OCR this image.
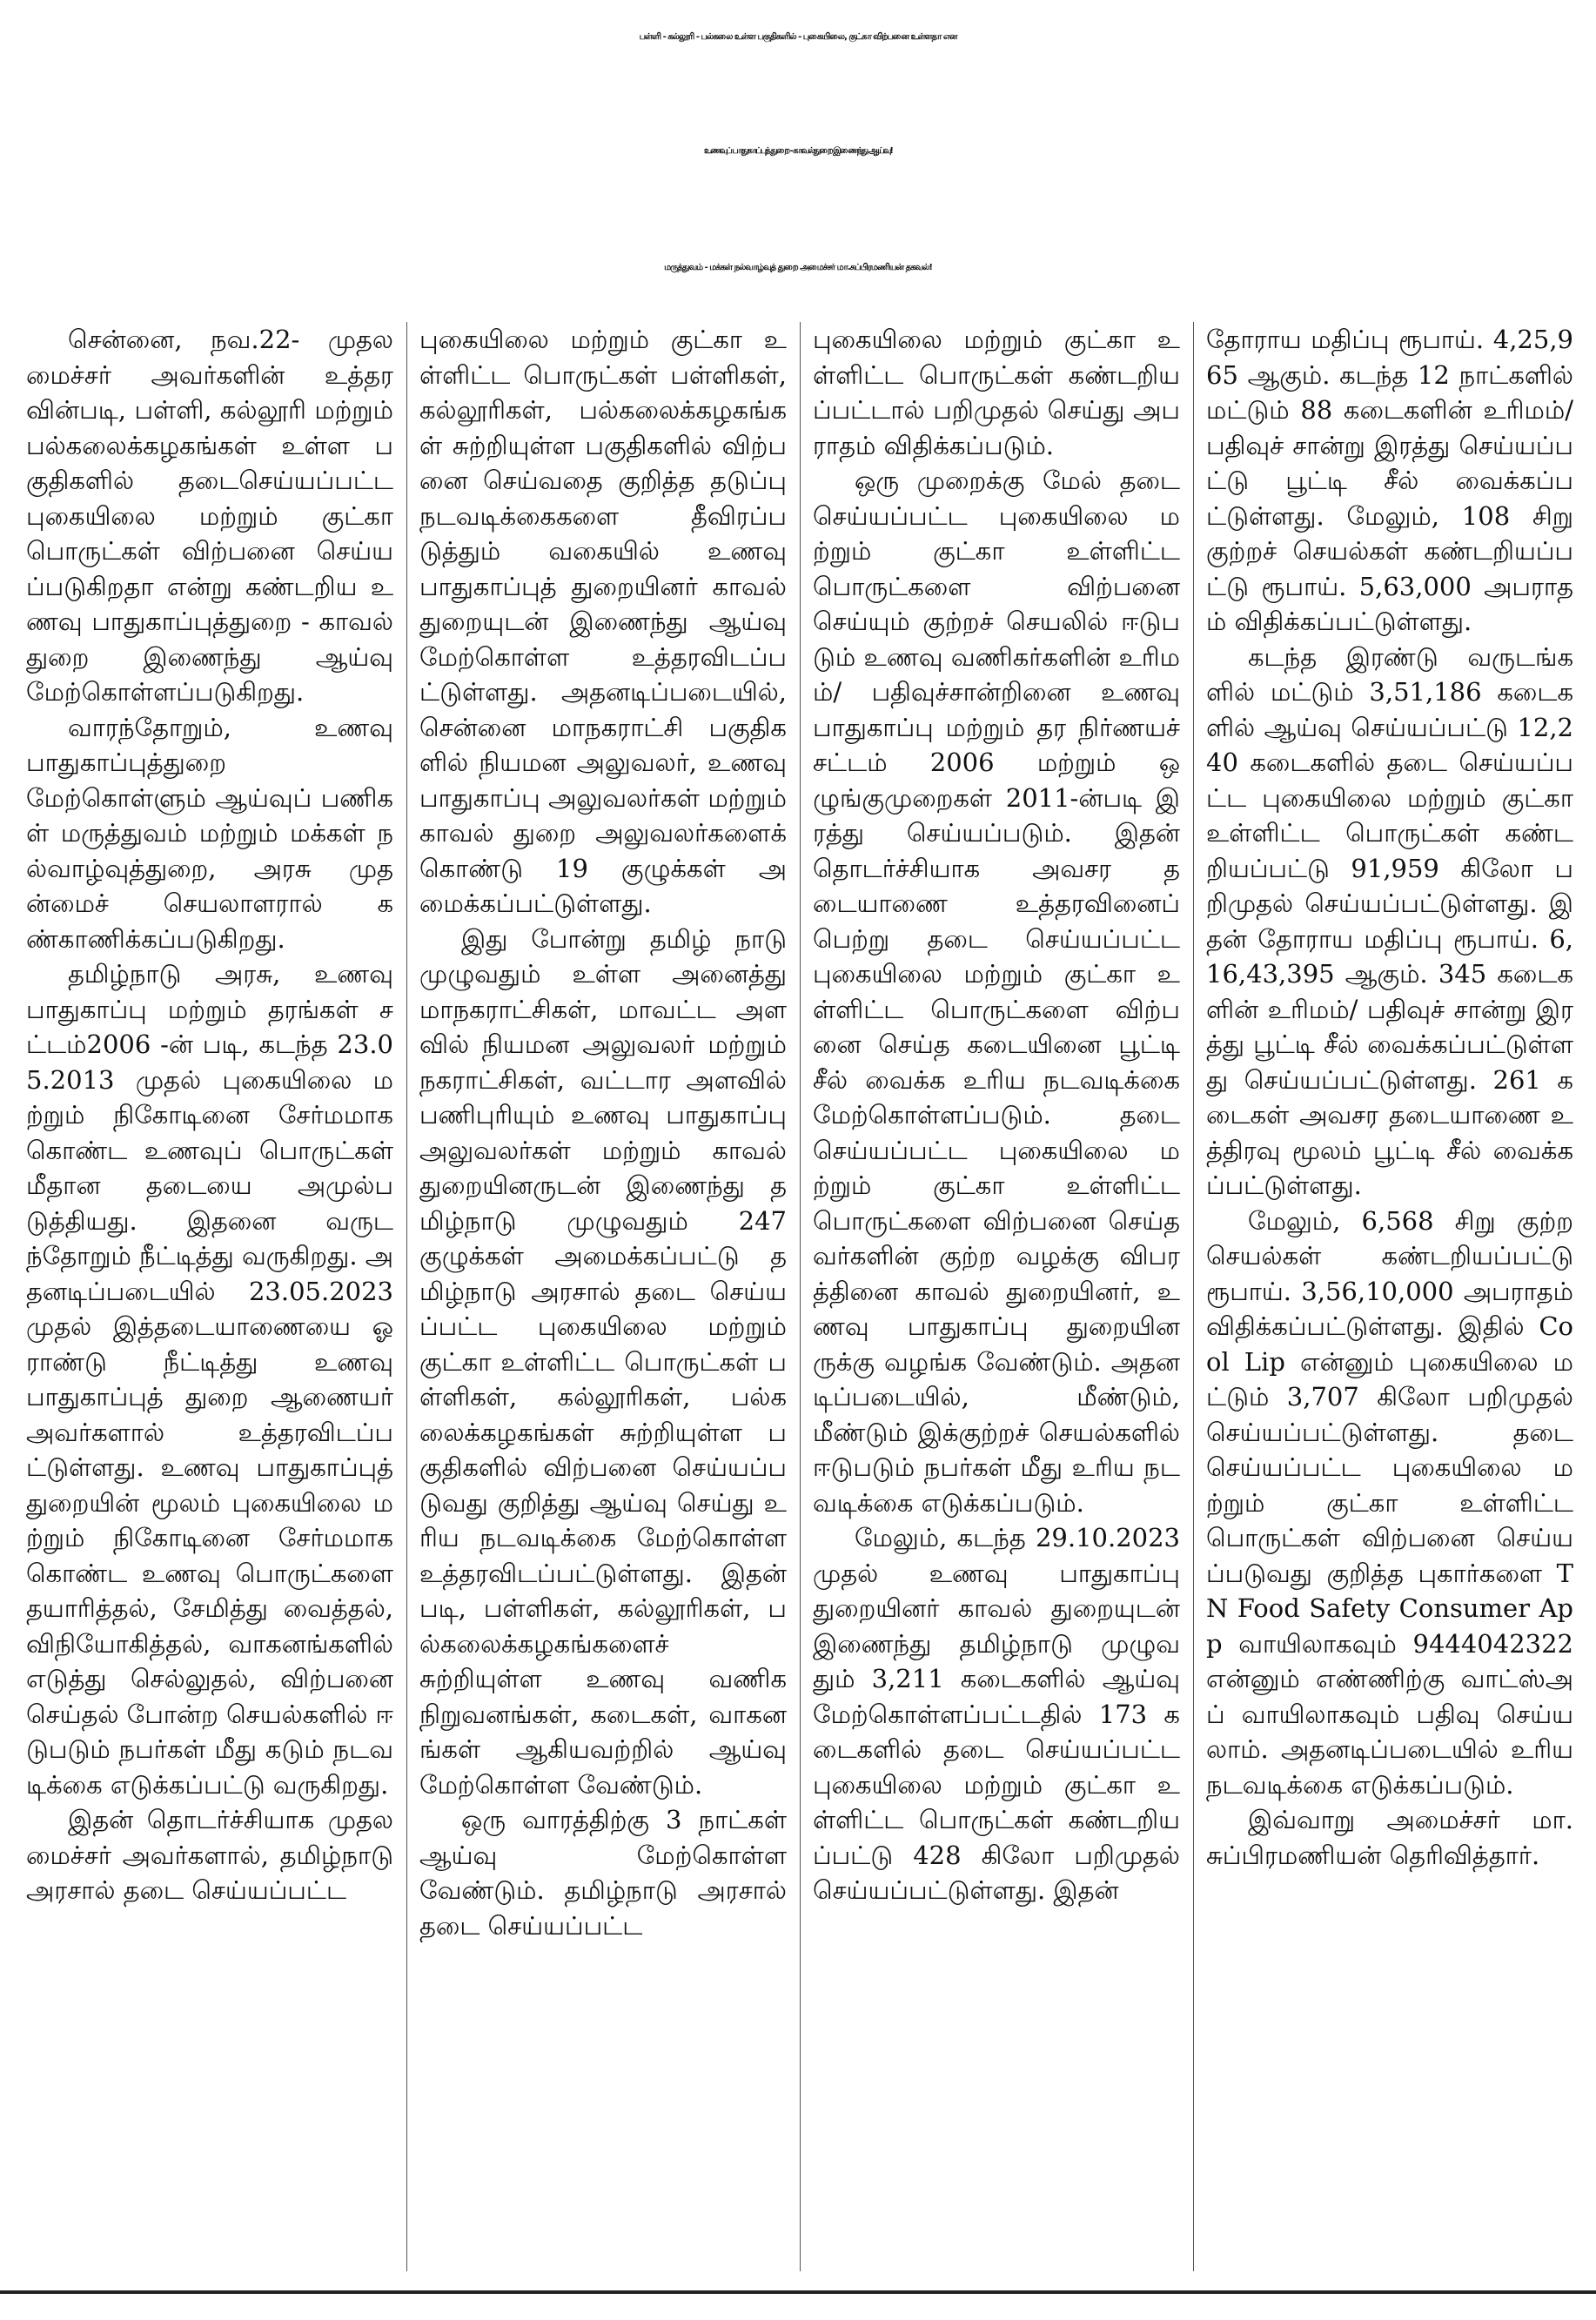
பள்ளி - கல்லூரி - பல்கலை உள்ள பகுதிகளில் - புகையிலை, குட்கா விற்பனை உள்ளதா என
உணவுப் பாதுகாப்புத் துறை - காவல்துறை இணைந்து ஆய்வு!
மருத்துவம் - மக்கள் நல்வாழ்வுத் துறை அமைச்சர் மா.சுப்பிரமணியன் தகவல்!

சென்னை, நவ.22- முதலமைச்சர் அவர்களின் உத்தரவின்படி, பள்ளி, கல்லூரி மற்றும் பல்கலைக்கழகங்கள் உள்ள பகுதிகளில் தடைசெய்யப்பட்ட புகையிலை மற்றும் குட்கா பொருட்கள் விற்பனை செய்யப்படுகிறதா என்று கண்டறிய உணவு பாதுகாப்புத்துறை - காவல் துறை இணைந்து ஆய்வு மேற்கொள்ளப்படுகிறது.

வாரந்தோறும், உணவு பாதுகாப்புத்துறை மேற்கொள்ளும் ஆய்வுப் பணிகள் மருத்துவம் மற்றும் மக்கள் நல்வாழ்வுத்துறை, அரசு முதன்மைச் செயலாளரால் கண்காணிக்கப்படுகிறது.

தமிழ்நாடு அரசு, உணவு பாதுகாப்பு மற்றும் தரங்கள் சட்டம்2006 -ன் படி, கடந்த 23.05.2013 முதல் புகையிலை மற்றும் நிகோடினை சேர்மமாக கொண்ட உணவுப் பொருட்கள் மீதான தடையை அமுல்படுத்தியது. இதனை வருடந்தோறும் நீட்டித்து வருகிறது. அதனடிப்படையில் 23.05.2023 முதல் இத்தடையாணையை ஓராண்டு நீட்டித்து உணவு பாதுகாப்புத் துறை ஆணையர் அவர்களால் உத்தரவிடப்பட்டுள்ளது. உணவு பாதுகாப்புத் துறையின் மூலம் புகையிலை மற்றும் நிகோடினை சேர்மமாக கொண்ட உணவு பொருட்களை தயாரித்தல், சேமித்து வைத்தல், விநியோகித்தல், வாகனங்களில் எடுத்து செல்லுதல், விற்பனை செய்தல் போன்ற செயல்களில் ஈடுபடும் நபர்கள் மீது கடும் நடவடிக்கை எடுக்கப்பட்டு வருகிறது.

இதன் தொடர்ச்சியாக முதலமைச்சர் அவர்களால், தமிழ்நாடு அரசால் தடை செய்யப்பட்ட

புகையிலை மற்றும் குட்கா உள்ளிட்ட பொருட்கள் பள்ளிகள், கல்லூரிகள், பல்கலைக்கழகங்கள் சுற்றியுள்ள பகுதிகளில் விற்பனை செய்வதை குறித்த தடுப்பு நடவடிக்கைகளை தீவிரப்படுத்தும் வகையில் உணவு பாதுகாப்புத் துறையினர் காவல் துறையுடன் இணைந்து ஆய்வு மேற்கொள்ள உத்தரவிடப்பட்டுள்ளது. அதனடிப்படையில், சென்னை மாநகராட்சி பகுதிகளில் நியமன அலுவலர், உணவு பாதுகாப்பு அலுவலர்கள் மற்றும் காவல் துறை அலுவலர்களைக் கொண்டு 19 குழுக்கள் அமைக்கப்பட்டுள்ளது.

இது போன்று தமிழ் நாடு முழுவதும் உள்ள அனைத்து மாநகராட்சிகள், மாவட்ட அளவில் நியமன அலுவலர் மற்றும் நகராட்சிகள், வட்டார அளவில் பணிபுரியும் உணவு பாதுகாப்பு அலுவலர்கள் மற்றும் காவல் துறையினருடன் இணைந்து தமிழ்நாடு முழுவதும் 247 குழுக்கள் அமைக்கப்பட்டு தமிழ்நாடு அரசால் தடை செய்யப்பட்ட புகையிலை மற்றும் குட்கா உள்ளிட்ட பொருட்கள் பள்ளிகள், கல்லூரிகள், பல்கலைக்கழகங்கள் சுற்றியுள்ள பகுதிகளில் விற்பனை செய்யப்படுவது குறித்து ஆய்வு செய்து உரிய நடவடிக்கை மேற்கொள்ள உத்தரவிடப்பட்டுள்ளது. இதன் படி, பள்ளிகள், கல்லூரிகள், பல்கலைக்கழகங்களைச் சுற்றியுள்ள உணவு வணிக நிறுவனங்கள், கடைகள், வாகனங்கள் ஆகியவற்றில் ஆய்வு மேற்கொள்ள வேண்டும்.

ஒரு வாரத்திற்கு 3 நாட்கள் ஆய்வு மேற்கொள்ள வேண்டும். தமிழ்நாடு அரசால் தடை செய்யப்பட்ட

புகையிலை மற்றும் குட்கா உள்ளிட்ட பொருட்கள் கண்டறியப்பட்டால் பறிமுதல் செய்து அபராதம் விதிக்கப்படும்.

ஒரு முறைக்கு மேல் தடை செய்யப்பட்ட புகையிலை மற்றும் குட்கா உள்ளிட்ட பொருட்களை விற்பனை செய்யும் குற்றச் செயலில் ஈடுபடும் உணவு வணிகர்களின் உரிமம்/ பதிவுச்சான்றினை உணவு பாதுகாப்பு மற்றும் தர நிர்ணயச் சட்டம் 2006 மற்றும் ஒழுங்குமுறைகள் 2011-ன்படி இரத்து செய்யப்படும். இதன் தொடர்ச்சியாக அவசர தடையாணை உத்தரவினைப் பெற்று தடை செய்யப்பட்ட புகையிலை மற்றும் குட்கா உள்ளிட்ட பொருட்களை விற்பனை செய்த கடையினை பூட்டி சீல் வைக்க உரிய நடவடிக்கை மேற்கொள்ளப்படும். தடை செய்யப்பட்ட புகையிலை மற்றும் குட்கா உள்ளிட்ட பொருட்களை விற்பனை செய்தவர்களின் குற்ற வழக்கு விபரத்தினை காவல் துறையினர், உணவு பாதுகாப்பு துறையினருக்கு வழங்க வேண்டும். அதனடிப்படையில், மீண்டும், மீண்டும் இக்குற்றச் செயல்களில் ஈடுபடும் நபர்கள் மீது உரிய நடவடிக்கை எடுக்கப்படும்.

மேலும், கடந்த 29.10.2023 முதல் உணவு பாதுகாப்பு துறையினர் காவல் துறையுடன் இணைந்து தமிழ்நாடு முழுவதும் 3,211 கடைகளில் ஆய்வு மேற்கொள்ளப்பட்டதில் 173 கடைகளில் தடை செய்யப்பட்ட புகையிலை மற்றும் குட்கா உள்ளிட்ட பொருட்கள் கண்டறியப்பட்டு 428 கிலோ பறிமுதல் செய்யப்பட்டுள்ளது. இதன்

தோராய மதிப்பு ரூபாய். 4,25,965 ஆகும். கடந்த 12 நாட்களில் மட்டும் 88 கடைகளின் உரிமம்/ பதிவுச் சான்று இரத்து செய்யப்பட்டு பூட்டி சீல் வைக்கப்பட்டுள்ளது. மேலும், 108 சிறு குற்றச் செயல்கள் கண்டறியப்பட்டு ரூபாய். 5,63,000 அபராதம் விதிக்கப்பட்டுள்ளது.

கடந்த இரண்டு வருடங்களில் மட்டும் 3,51,186 கடைகளில் ஆய்வு செய்யப்பட்டு 12,240 கடைகளில் தடை செய்யப்பட்ட புகையிலை மற்றும் குட்கா உள்ளிட்ட பொருட்கள் கண்டறியப்பட்டு 91,959 கிலோ பறிமுதல் செய்யப்பட்டுள்ளது. இதன் தோராய மதிப்பு ரூபாய். 6,16,43,395 ஆகும். 345 கடைகளின் உரிமம்/ பதிவுச் சான்று இரத்து பூட்டி சீல் வைக்கப்பட்டுள்ளது செய்யப்பட்டுள்ளது. 261 கடைகள் அவசர தடையாணை உத்திரவு மூலம் பூட்டி சீல் வைக்கப்பட்டுள்ளது.

மேலும், 6,568 சிறு குற்ற செயல்கள் கண்டறியப்பட்டு ரூபாய். 3,56,10,000 அபராதம் விதிக்கப்பட்டுள்ளது. இதில் Cool Lip என்னும் புகையிலை மட்டும் 3,707 கிலோ பறிமுதல் செய்யப்பட்டுள்ளது. தடை செய்யப்பட்ட புகையிலை மற்றும் குட்கா உள்ளிட்ட பொருட்கள் விற்பனை செய்யப்படுவது குறித்த புகார்களை TN Food Safety Consumer App வாயிலாகவும் 9444042322 என்னும் எண்ணிற்கு வாட்ஸ்அப் வாயிலாகவும் பதிவு செய்யலாம். அதனடிப்படையில் உரிய நடவடிக்கை எடுக்கப்படும்.

இவ்வாறு அமைச்சர் மா.சுப்பிரமணியன் தெரிவித்தார்.
